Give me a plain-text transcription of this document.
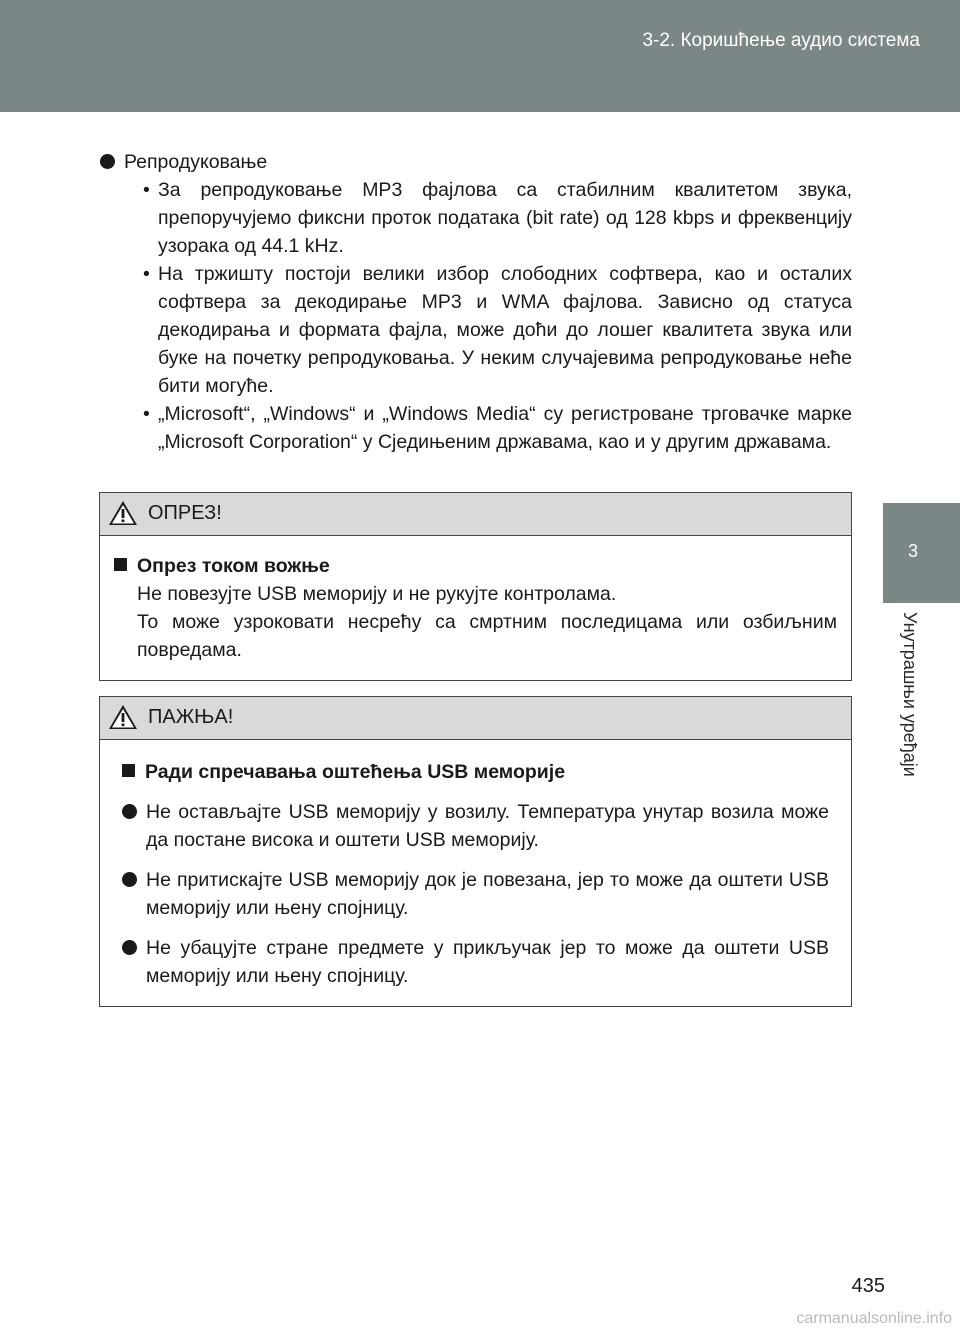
3-2. Коришћење аудио система
3
Унутрашњи уређаји
Репродуковање
• За репродуковање MP3 фајлова са стабилним квалитетом звука, препоручујемо фиксни проток података (bit rate) од 128 kbps и фреквенцију узорака од 44.1 kHz.
• На тржишту постоји велики избор слободних софтвера, као и осталих софтвера за декодирање MP3 и WMA фајлова. Зависно од статуса декодирања и формата фајла, може доћи до лошег квалитета звука или буке на почетку репродуковања. У неким случајевима репродуковање неће бити могуће.
• „Microsoft“, „Windows“ и „Windows Media“ су регистроване трговачке марке „Microsoft Corporation“ у Сједињеним државама, као и у другим државама.
ОПРЕЗ!
Опрез током вожње
Не повезујте USB меморију и не рукујте контролама.
То може узроковати несрећу са смртним последицама или озбиљним повредама.
ПАЖЊА!
Ради спречавања оштећења USB меморије
Не остављајте USB меморију у возилу. Температура унутар возила може да постане висока и оштети USB меморију.
Не притискајте USB меморију док је повезана, јер то може да оштети USB меморију или њену спојницу.
Не убацујте стране предмете у прикључак јер то може да оштети USB меморију или њену спојницу.
435
carmanualsonline.info
